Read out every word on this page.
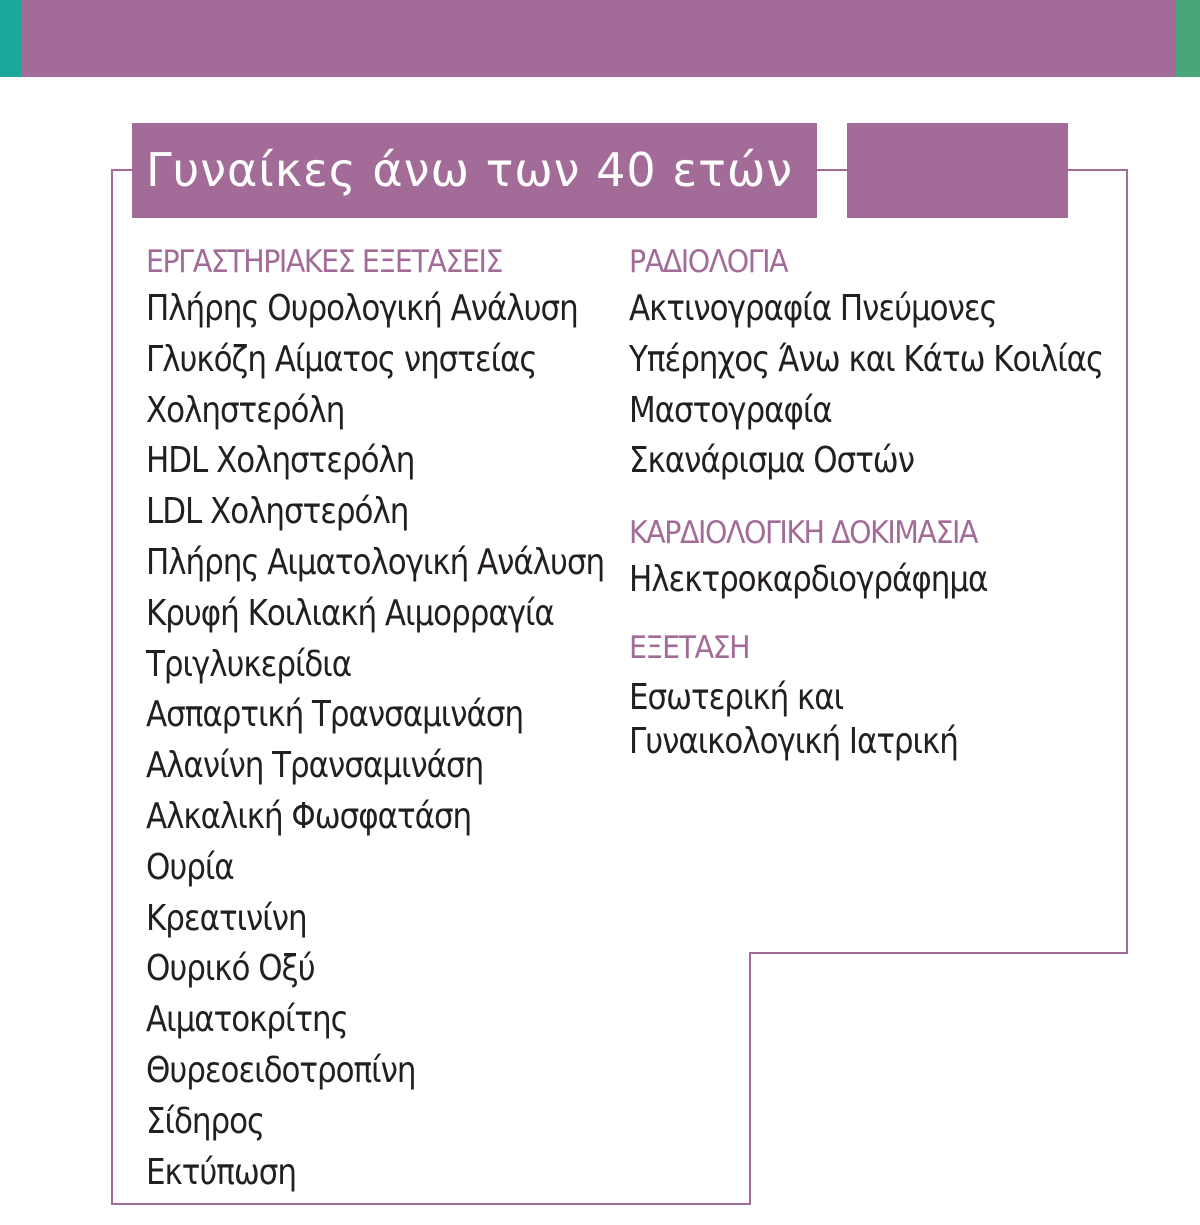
Γυναίκες άνω των 40 ετών

ΕΡΓΑΣΤΗΡΙΑΚΕΣ ΕΞΕΤΑΣΕΙΣ

Πλήρης Ουρολογική Ανάλυση

Γλυκόζη Αίματος νηστείας

Χοληστερόλη

HDL Χοληστερόλη

LDL Χοληστερόλη

Πλήρης Αιματολογική Ανάλυση

Κρυφή Κοιλιακή Αιμορραγία

Τριγλυκερίδια

Ασπαρτική Τρανσαμινάση

Αλανίνη Τρανσαμινάση

Αλκαλική Φωσφατάση

Ουρία

Κρεατινίνη

Ουρικό Οξύ

Αιματοκρίτης

Θυρεοειδοτροπίνη

Σίδηρος

Εκτύπωση

ΡΑΔΙΟΛΟΓΙΑ

Ακτινογραφία Πνεύμονες

Υπέρηχος Άνω και Κάτω Κοιλίας

Μαστογραφία

Σκανάρισμα Οστών

ΚΑΡΔΙΟΛΟΓΙΚΗ ΔΟΚΙΜΑΣΙΑ

Ηλεκτροκαρδιογράφημα

ΕΞΕΤΑΣΗ

Εσωτερική και

Γυναικολογική Ιατρική
